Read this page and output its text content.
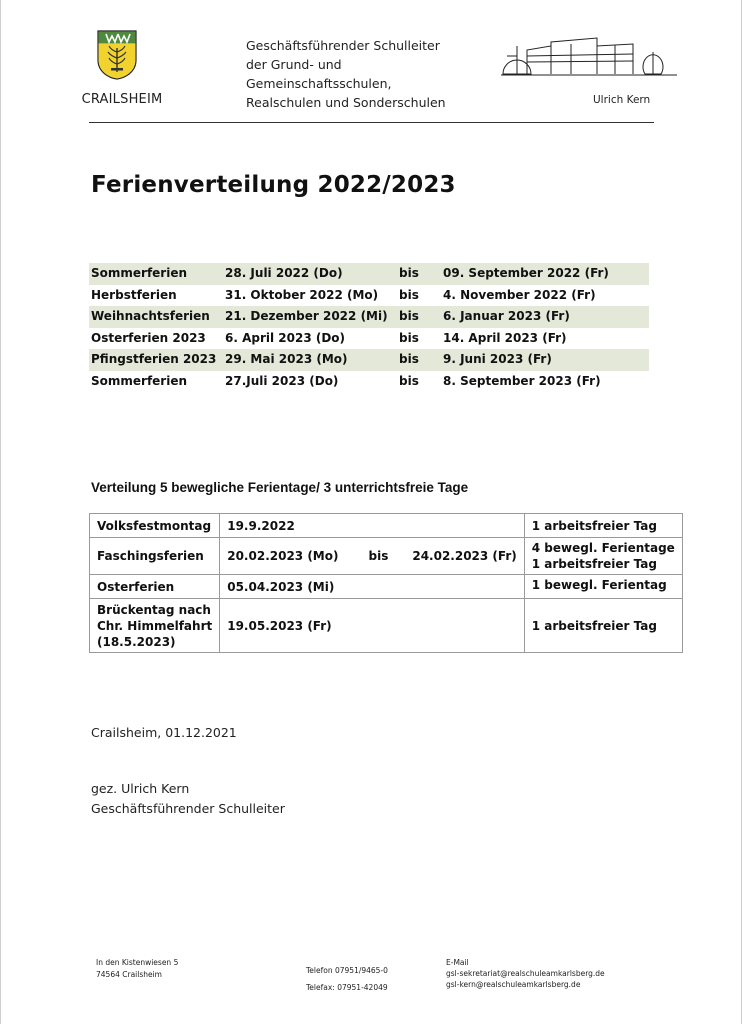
CRAILSHEIM
Geschäftsführender Schulleiter
der Grund- und
Gemeinschaftsschulen,
Realschulen und Sonderschulen	Ulrich Kern
Ferienverteilung 2022/2023
Sommerferien	28. Juli 2022 (Do)	bis 09. September 2022 (Fr)
Herbstferien	31. Oktober 2022 (Mo) bis 4. November 2022 (Fr)
Weihnachtsferien 21. Dezember 2022 (Mi) bis 6. Januar 2023 (Fr)
Osterferien 2023 6. April 2023 (Do)	bis 14. April 2023 (Fr)
Pfingstferien 2023 29. Mai 2023 (Mo)	bis 9. Juni 2023 (Fr)
Sommerferien	27.Juli 2023 (Do)	bis 8. September 2023 (Fr)
Verteilung 5 bewegliche Ferientage/ 3 unterrichtsfreie Tage
Volksfestmontag	19.9.2022	1 arbeitsfreier Tag

Faschingsferien	20.02.2023 (Mo) bis 24.02.2023 (Fr)	4 bewegl. Ferientage
1 arbeitsfreier Tag

Osterferien	05.04.2023 (Mi)	1 bewegl. Ferientag

Brückentag nach
Chr. Himmelfahrt
(18.5.2023)	19.05.2023 (Fr)	1 arbeitsfreier Tag
Crailsheim, 01.12.2021
gez. Ulrich Kern
Geschäftsführender Schulleiter
In den Kistenwiesen 5
74564 Crailsheim	Telefon 07951/9465-0
Telefax: 07951-42049
E-Mail
gsl-sekretariat@realschuleamkarlsberg.de
gsl-kern@realschuleamkarlsberg.de
